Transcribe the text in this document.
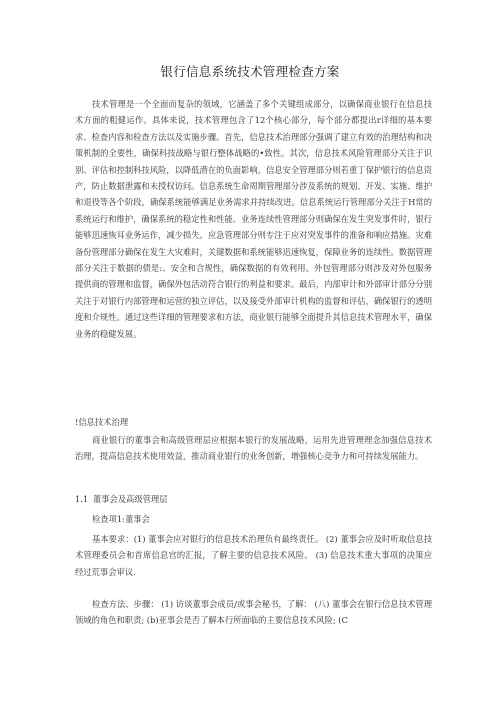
银行信息系统技术管理检查方案
技术管理是一个全面而复杂的领域，它涵盖了多个关键组成部分，以确保商业银行在信息技术方面的粗健运作。具体来说，技术管理包含了12个核心部分，每个部分都提出r详细的基本要求、检查内容和检查方法以及实施步骤。首先，信息技术治理部分强调了建立有效的治理结构和决策机制的全要性，确保科技战略与银行整体战略的•致性。其次，信息技术风险管理部分关注于识别、评估和控制科技风险，以降低潜在的负面影响。信息安全管理部分则若重丁保护银行的信息资产，防止数据泄露和未授权访问。信息系统生命周期管理部分涉及系统的规划、开发、实施、维护和退役等各个阶段，确保系统能够满足业务需求并持续改进。信息系统运行管理部分关注于H常的系统运行和维护，确保系统的稳定性和性能。业务连续性管理部分则确保在发生突发事件时，银行能够迅速恢耳业务运作，减少损失。应急管理部分则专注于应对突发事件的准备和响应措施。灾难备份管理部分确保在发生大灾难时，关键数据和系统能够迅速恢复，保障业务的连续性。数据管理部分关注于数据的债是:、安全和合规性，确保数据的有效利用。外包管理部分则涉及对外包服务提供商的管理和监督，确保外包活动符合银行的利益和要求。最后，内部审计和外部审计部分分别关注于对银行内部管理和运营的独立评估，以及接受外部审计机构的监督和评估，确保银行的透明度和介规性。通过这些详细的管理要求和方法，商业银行能够全面提升其信息技术管理水平，确保业务的稳健发展。
!信息技术治理
商业银行的董事会和高级管理层应根据本银行的发展战略，运用先进管理理念加强信息技术治理，提高信息技术使用效益，推动商业银行的业务创新，增强核心竞争力和可持续发展能力。
1.1 董事会及高级管理层
检查项1:董事会
基本要求：(1) 董事会应对银行的信息技术治理负有最终责任。 (2) 董事会应及时听取信息技术管理委员会和首席信息官的汇报，了解主要的信息技术风险。 (3) 信息技术重大事项的决策应经过荒事会审议.
检查方法、步骤： (1) 访谈董事会成员/或事会秘书，了解： (八) 董事会在银行信息技术管理领域的角色和职责; (b)亚事会是否了解本行所面临的主要信息技术风险; (C
